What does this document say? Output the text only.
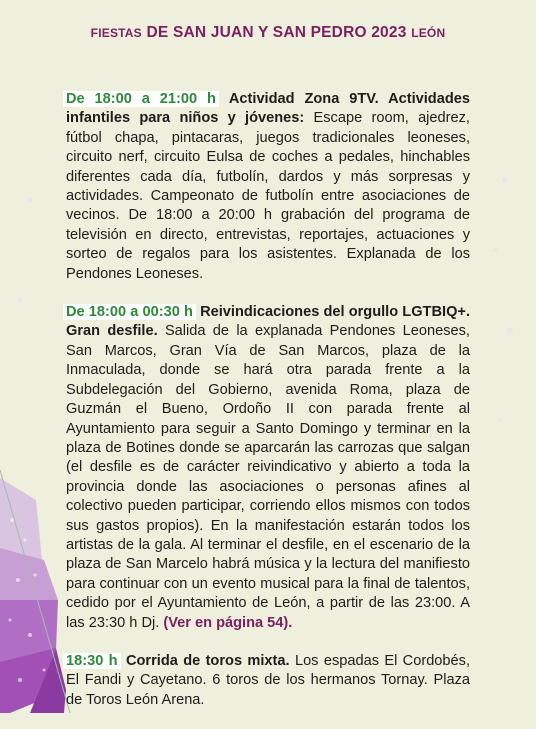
FIESTAS DE SAN JUAN Y SAN PEDRO 2023 LEÓN

De 18:00 a 21:00 h Actividad Zona 9TV. Actividades infantiles para niños y jóvenes: Escape room, ajedrez, fútbol chapa, pintacaras, juegos tradicionales leoneses, circuito nerf, circuito Eulsa de coches a pedales, hinchables diferentes cada día, futbolín, dardos y más sorpresas y actividades. Campeonato de futbolín entre asociaciones de vecinos. De 18:00 a 20:00 h grabación del programa de televisión en directo, entrevistas, reportajes, actuaciones y sorteo de regalos para los asistentes. Explanada de los Pendones Leoneses.

De 18:00 a 00:30 h Reivindicaciones del orgullo LGTBIQ+. Gran desfile. Salida de la explanada Pendones Leoneses, San Marcos, Gran Vía de San Marcos, plaza de la Inmaculada, donde se hará otra parada frente a la Subdelegación del Gobierno, avenida Roma, plaza de Guzmán el Bueno, Ordoño II con parada frente al Ayuntamiento para seguir a Santo Domingo y terminar en la plaza de Botines donde se aparcarán las carrozas que salgan (el desfile es de carácter reivindicativo y abierto a toda la provincia donde las asociaciones o personas afines al colectivo pueden participar, corriendo ellos mismos con todos sus gastos propios). En la manifestación estarán todos los artistas de la gala. Al terminar el desfile, en el escenario de la plaza de San Marcelo habrá música y la lectura del manifiesto para continuar con un evento musical para la final de talentos, cedido por el Ayuntamiento de León, a partir de las 23:00. A las 23:30 h Dj. (Ver en página 54).

18:30 h Corrida de toros mixta. Los espadas El Cordobés, El Fandi y Cayetano. 6 toros de los hermanos Tornay. Plaza de Toros León Arena.
